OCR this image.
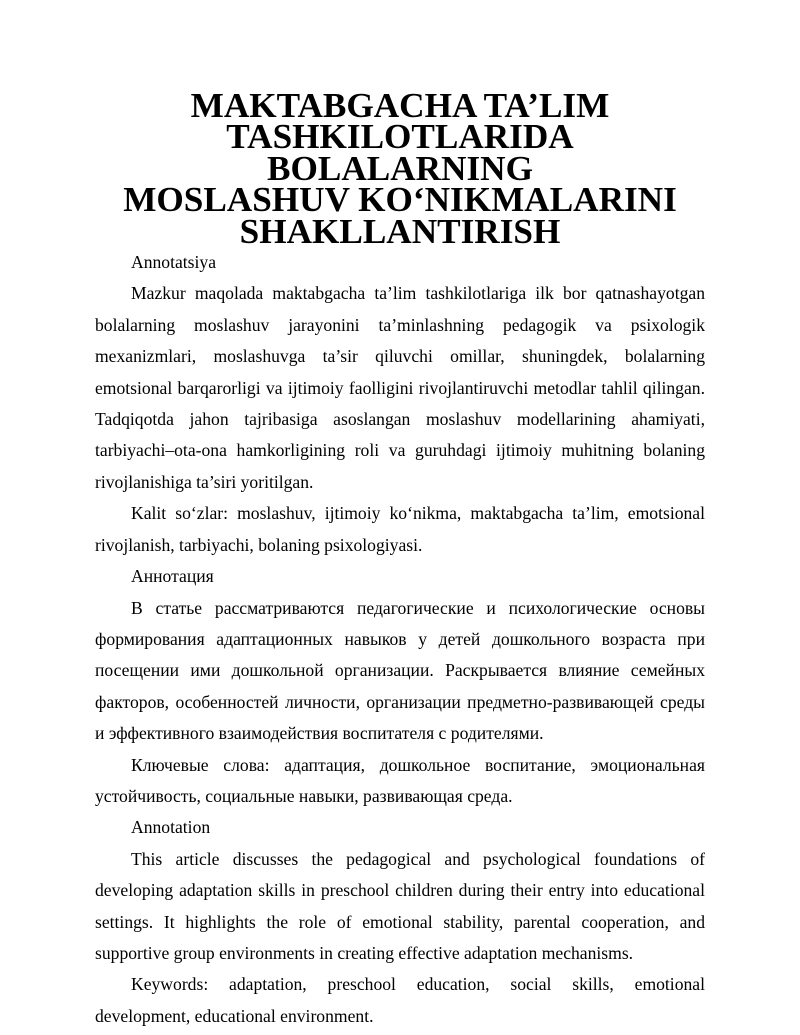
MAKTABGACHA TA’LIM TASHKILOTLARIDA BOLALARNING
MOSLASHUV KO‘NIKMALARINI SHAKLLANTIRISH

Annotatsiya

Mazkur maqolada maktabgacha ta’lim tashkilotlariga ilk bor qatnashayotgan bolalarning moslashuv jarayonini ta’minlashning pedagogik va psixologik mexanizmlari, moslashuvga ta’sir qiluvchi omillar, shuningdek, bolalarning emotsional barqarorligi va ijtimoiy faolligini rivojlantiruvchi metodlar tahlil qilingan. Tadqiqotda jahon tajribasiga asoslangan moslashuv modellarining ahamiyati, tarbiyachi–ota-ona hamkorligining roli va guruhdagi ijtimoiy muhitning bolaning rivojlanishiga ta’siri yoritilgan.

Kalit so‘zlar: moslashuv, ijtimoiy ko‘nikma, maktabgacha ta’lim, emotsional rivojlanish, tarbiyachi, bolaning psixologiyasi.

Аннотация

В статье рассматриваются педагогические и психологические основы формирования адаптационных навыков у детей дошкольного возраста при посещении ими дошкольной организации. Раскрывается влияние семейных факторов, особенностей личности, организации предметно-развивающей среды и эффективного взаимодействия воспитателя с родителями.

Ключевые слова: адаптация, дошкольное воспитание, эмоциональная устойчивость, социальные навыки, развивающая среда.

Annotation

This article discusses the pedagogical and psychological foundations of developing adaptation skills in preschool children during their entry into educational settings. It highlights the role of emotional stability, parental cooperation, and supportive group environments in creating effective adaptation mechanisms.

Keywords: adaptation, preschool education, social skills, emotional development, educational environment.
